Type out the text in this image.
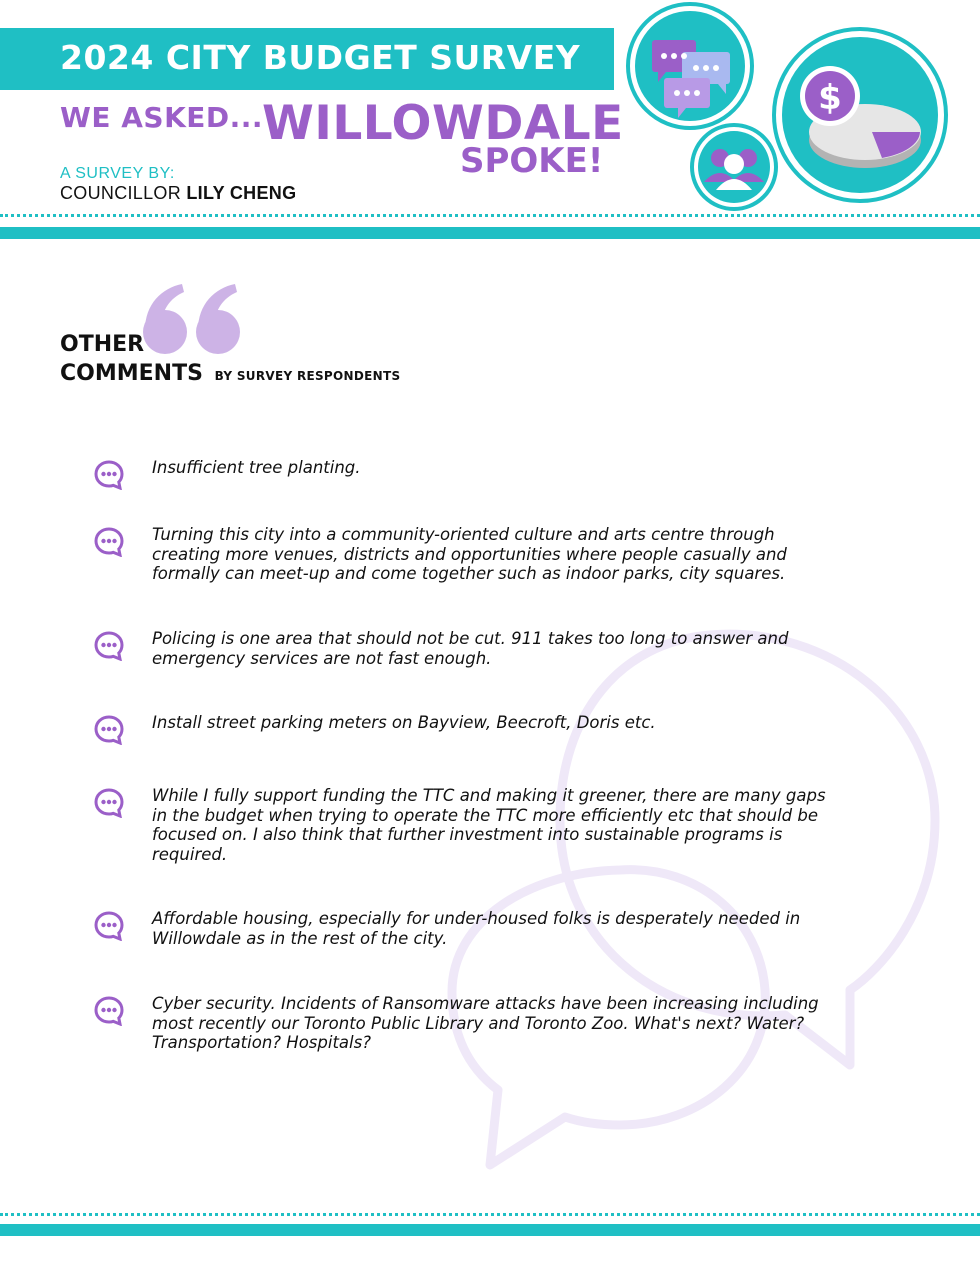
2024 CITY BUDGET SURVEY
WE ASKED...
WILLOWDALE
SPOKE!
A SURVEY BY:
COUNCILLOR LILY CHENG
$
OTHER
COMMENTS BY SURVEY RESPONDENTS
Insufficient tree planting.
Turning this city into a community-oriented culture and arts centre through creating more venues, districts and opportunities where people casually and formally can meet-up and come together such as indoor parks, city squares.
Policing is one area that should not be cut. 911 takes too long to answer and emergency services are not fast enough.
Install street parking meters on Bayview, Beecroft, Doris etc.
While I fully support funding the TTC and making it greener, there are many gaps in the budget when trying to operate the TTC more efficiently etc that should be focused on. I also think that further investment into sustainable programs is required.
Affordable housing, especially for under-housed folks is desperately needed in Willowdale as in the rest of the city.
Cyber security. Incidents of Ransomware attacks have been increasing including most recently our Toronto Public Library and Toronto Zoo. What's next? Water? Transportation? Hospitals?
